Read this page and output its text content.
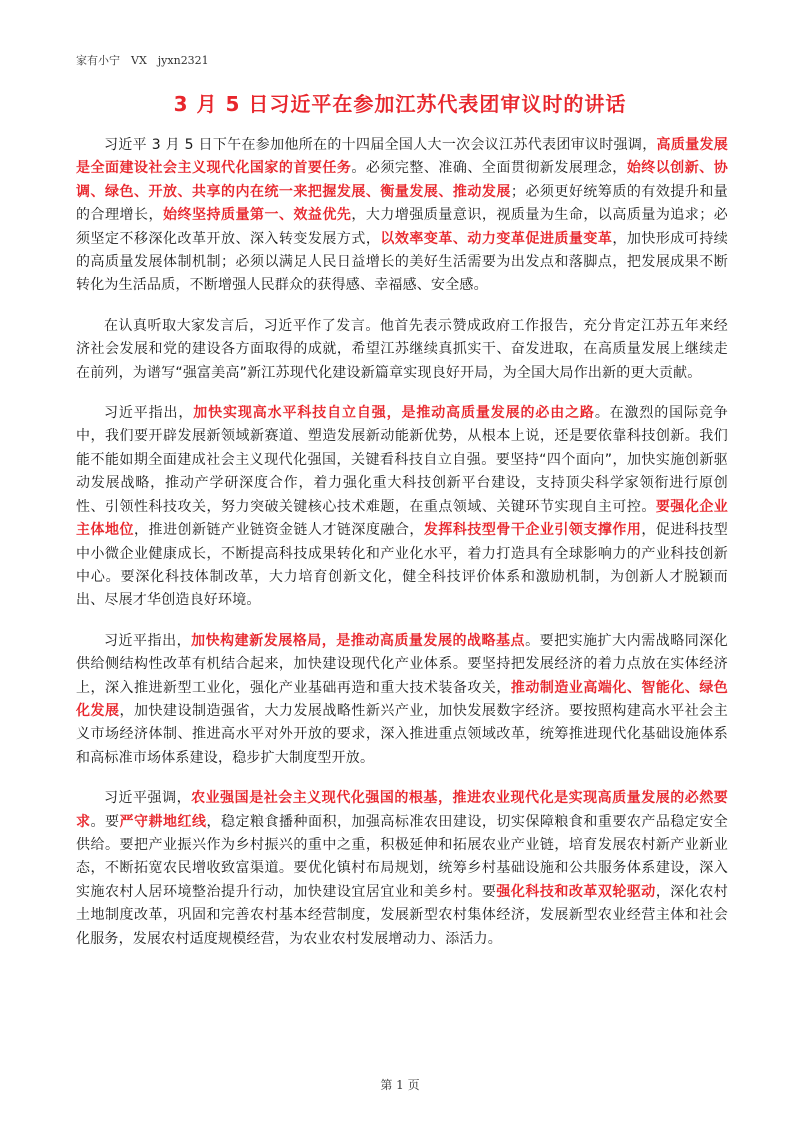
家有小宁　VX　jyxn2321
3 月 5 日习近平在参加江苏代表团审议时的讲话

习近平 3 月 5 日下午在参加他所在的十四届全国人大一次会议江苏代表团审议时强调，高质量发展是全面建设社会主义现代化国家的首要任务。必须完整、准确、全面贯彻新发展理念，始终以创新、协调、绿色、开放、共享的内在统一来把握发展、衡量发展、推动发展；必须更好统筹质的有效提升和量的合理增长，始终坚持质量第一、效益优先，大力增强质量意识，视质量为生命，以高质量为追求；必须坚定不移深化改革开放、深入转变发展方式，以效率变革、动力变革促进质量变革，加快形成可持续的高质量发展体制机制；必须以满足人民日益增长的美好生活需要为出发点和落脚点，把发展成果不断转化为生活品质，不断增强人民群众的获得感、幸福感、安全感。

在认真听取大家发言后，习近平作了发言。他首先表示赞成政府工作报告，充分肯定江苏五年来经济社会发展和党的建设各方面取得的成就，希望江苏继续真抓实干、奋发进取，在高质量发展上继续走在前列，为谱写“强富美高”新江苏现代化建设新篇章实现良好开局，为全国大局作出新的更大贡献。

习近平指出，加快实现高水平科技自立自强，是推动高质量发展的必由之路。在激烈的国际竞争中，我们要开辟发展新领域新赛道、塑造发展新动能新优势，从根本上说，还是要依靠科技创新。我们能不能如期全面建成社会主义现代化强国，关键看科技自立自强。要坚持“四个面向”，加快实施创新驱动发展战略，推动产学研深度合作，着力强化重大科技创新平台建设，支持顶尖科学家领衔进行原创性、引领性科技攻关，努力突破关键核心技术难题，在重点领域、关键环节实现自主可控。要强化企业主体地位，推进创新链产业链资金链人才链深度融合，发挥科技型骨干企业引领支撑作用，促进科技型中小微企业健康成长，不断提高科技成果转化和产业化水平，着力打造具有全球影响力的产业科技创新中心。要深化科技体制改革，大力培育创新文化，健全科技评价体系和激励机制，为创新人才脱颖而出、尽展才华创造良好环境。

习近平指出，加快构建新发展格局，是推动高质量发展的战略基点。要把实施扩大内需战略同深化供给侧结构性改革有机结合起来，加快建设现代化产业体系。要坚持把发展经济的着力点放在实体经济上，深入推进新型工业化，强化产业基础再造和重大技术装备攻关，推动制造业高端化、智能化、绿色化发展，加快建设制造强省，大力发展战略性新兴产业，加快发展数字经济。要按照构建高水平社会主义市场经济体制、推进高水平对外开放的要求，深入推进重点领域改革，统筹推进现代化基础设施体系和高标准市场体系建设，稳步扩大制度型开放。

习近平强调，农业强国是社会主义现代化强国的根基，推进农业现代化是实现高质量发展的必然要求。要严守耕地红线，稳定粮食播种面积，加强高标准农田建设，切实保障粮食和重要农产品稳定安全供给。要把产业振兴作为乡村振兴的重中之重，积极延伸和拓展农业产业链，培育发展农村新产业新业态，不断拓宽农民增收致富渠道。要优化镇村布局规划，统筹乡村基础设施和公共服务体系建设，深入实施农村人居环境整治提升行动，加快建设宜居宜业和美乡村。要强化科技和改革双轮驱动，深化农村土地制度改革，巩固和完善农村基本经营制度，发展新型农村集体经济，发展新型农业经营主体和社会化服务，发展农村适度规模经营，为农业农村发展增动力、添活力。

第 1 页
